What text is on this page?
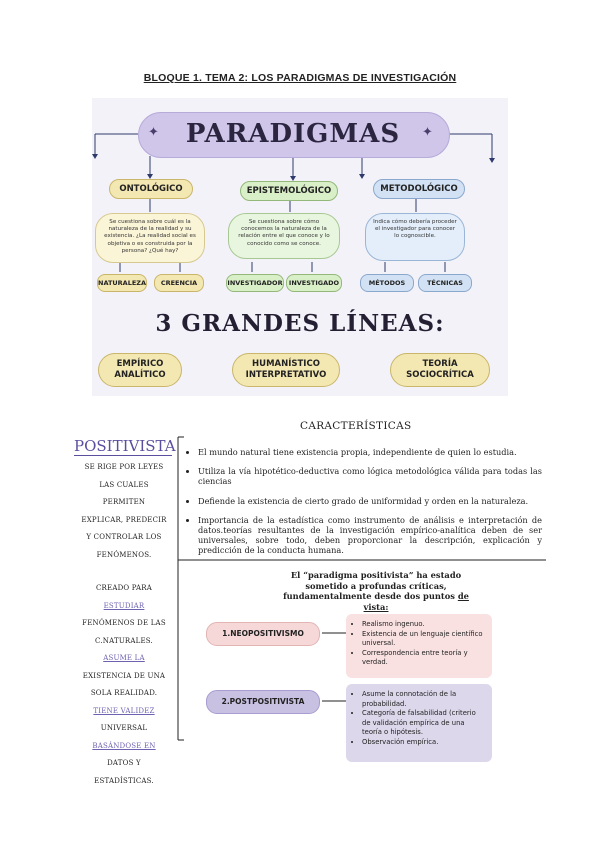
BLOQUE 1. TEMA 2: LOS PARADIGMAS DE INVESTIGACIÓN
PARADIGMAS
✦	✦
ONTOLÓGICO
Se cuestiona sobre cuál es la naturaleza de la realidad y su existencia. ¿La realidad social es objetiva o es construida por la persona? ¿Qué hay?
NATURALEZA	CREENCIA
EPISTEMOLÓGICO
Se cuestiona sobre cómo conocemos la naturaleza de la relación entre el que conoce y lo conocido como se conoce.
INVESTIGADOR INVESTIGADO
METODOLÓGICO
Indica cómo debería proceder el investigador para conocer lo cognoscible.
MÉTODOS	TÉCNICAS
3 GRANDES LÍNEAS:
EMPÍRICO ANALÍTICO
HUMANÍSTICO INTERPRETATIVO
TEORÍA SOCIOCRÍTICA
CARACTERÍSTICAS
POSITIVISTA
SE RIGE POR LEYES
LAS CUALES
PERMITEN
EXPLICAR, PREDECIR
Y CONTROLAR LOS
FENÓMENOS.
CREADO PARA
ESTUDIAR
FENÓMENOS DE LAS
C.NATURALES.
ASUME LA
EXISTENCIA DE UNA
SOLA REALIDAD.
TIENE VALIDEZ
UNIVERSAL
BASÁNDOSE EN
DATOS Y
ESTADÍSTICAS.
• El mundo natural tiene existencia propia, independiente de quien lo estudia.
• Utiliza la vía hipotético-deductiva como lógica metodológica válida para todas las ciencias
• Defiende la existencia de cierto grado de uniformidad y orden en la naturaleza.
• Importancia de la estadística como instrumento de análisis e interpretación de datos.teorías resultantes de la investigación empírico-analítica deben de ser universales, sobre todo, deben proporcionar la descripción, explicación y predicción de la conducta humana.
El “paradigma positivista” ha estado sometido a profundas críticas, fundamentalmente desde dos puntos de vista:
1.NEOPOSITIVISMO
• Realismo ingenuo.
• Existencia de un lenguaje científico universal.
• Correspondencia entre teoría y verdad.
2.POSTPOSITIVISTA
• Asume la connotación de la probabilidad.
• Categoría de falsabilidad (criterio de validación empírica de una teoría o hipótesis.
• Observación empírica.
